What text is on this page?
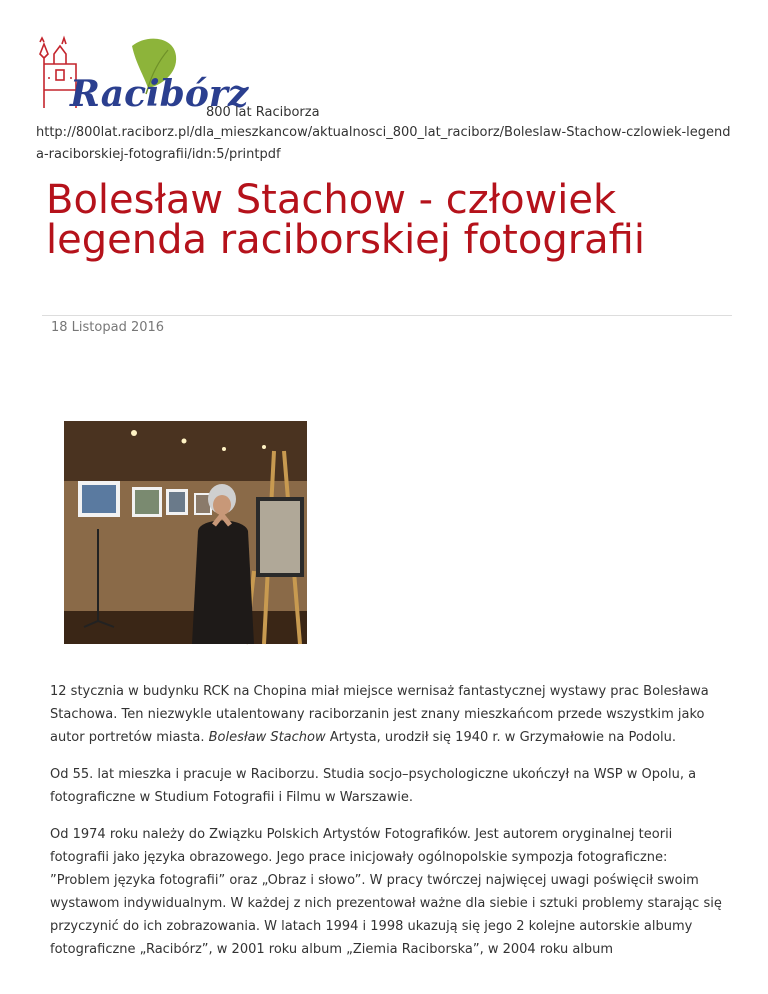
Racibórz
800 lat Raciborza
http://800lat.raciborz.pl/dla_mieszkancow/aktualnosci_800_lat_raciborz/Boleslaw-Stachow-czlowiek-legenda-raciborskiej-fotografii/idn:5/printpdf
Bolesław Stachow - człowiek legenda raciborskiej fotografii
18 Listopad 2016

12 stycznia w budynku RCK na Chopina miał miejsce wernisaż fantastycznej wystawy prac Bolesława Stachowa. Ten niezwykle utalentowany raciborzanin jest znany mieszkańcom przede wszystkim jako autor portretów miasta. Bolesław Stachow Artysta, urodził się 1940 r. w Grzymałowie na Podolu.

Od 55. lat mieszka i pracuje w Raciborzu. Studia socjo–psychologiczne ukończył na WSP w Opolu, a fotograficzne w Studium Fotografii i Filmu w Warszawie.

Od 1974 roku należy do Związku Polskich Artystów Fotografików. Jest autorem oryginalnej teorii fotografii jako języka obrazowego. Jego prace inicjowały ogólnopolskie sympozja fotograficzne: ”Problem języka fotografii” oraz „Obraz i słowo”. W pracy twórczej najwięcej uwagi poświęcił swoim wystawom indywidualnym. W każdej z nich prezentował ważne dla siebie i sztuki problemy starając się przyczynić do ich zobrazowania. W latach 1994 i 1998 ukazują się jego 2 kolejne autorskie albumy fotograficzne „Racibórz”, w 2001 roku album „Ziemia Raciborska”, w 2004 roku album
